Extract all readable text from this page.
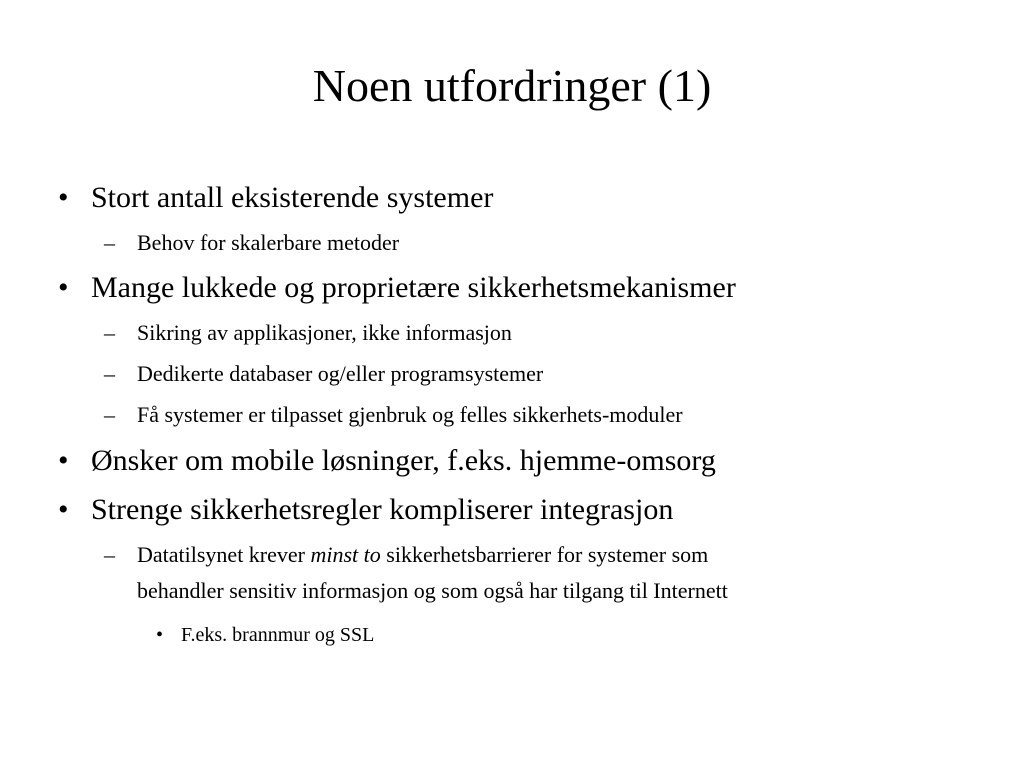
Noen utfordringer (1)
• Stort antall eksisterende systemer
– Behov for skalerbare metoder
• Mange lukkede og proprietære sikkerhetsmekanismer
– Sikring av applikasjoner, ikke informasjon
– Dedikerte databaser og/eller programsystemer
– Få systemer er tilpasset gjenbruk og felles sikkerhets-moduler
• Ønsker om mobile løsninger, f.eks. hjemme-omsorg
• Strenge sikkerhetsregler kompliserer integrasjon
– Datatilsynet krever minst to sikkerhetsbarrierer for systemer som
behandler sensitiv informasjon og som også har tilgang til Internett
• F.eks. brannmur og SSL
